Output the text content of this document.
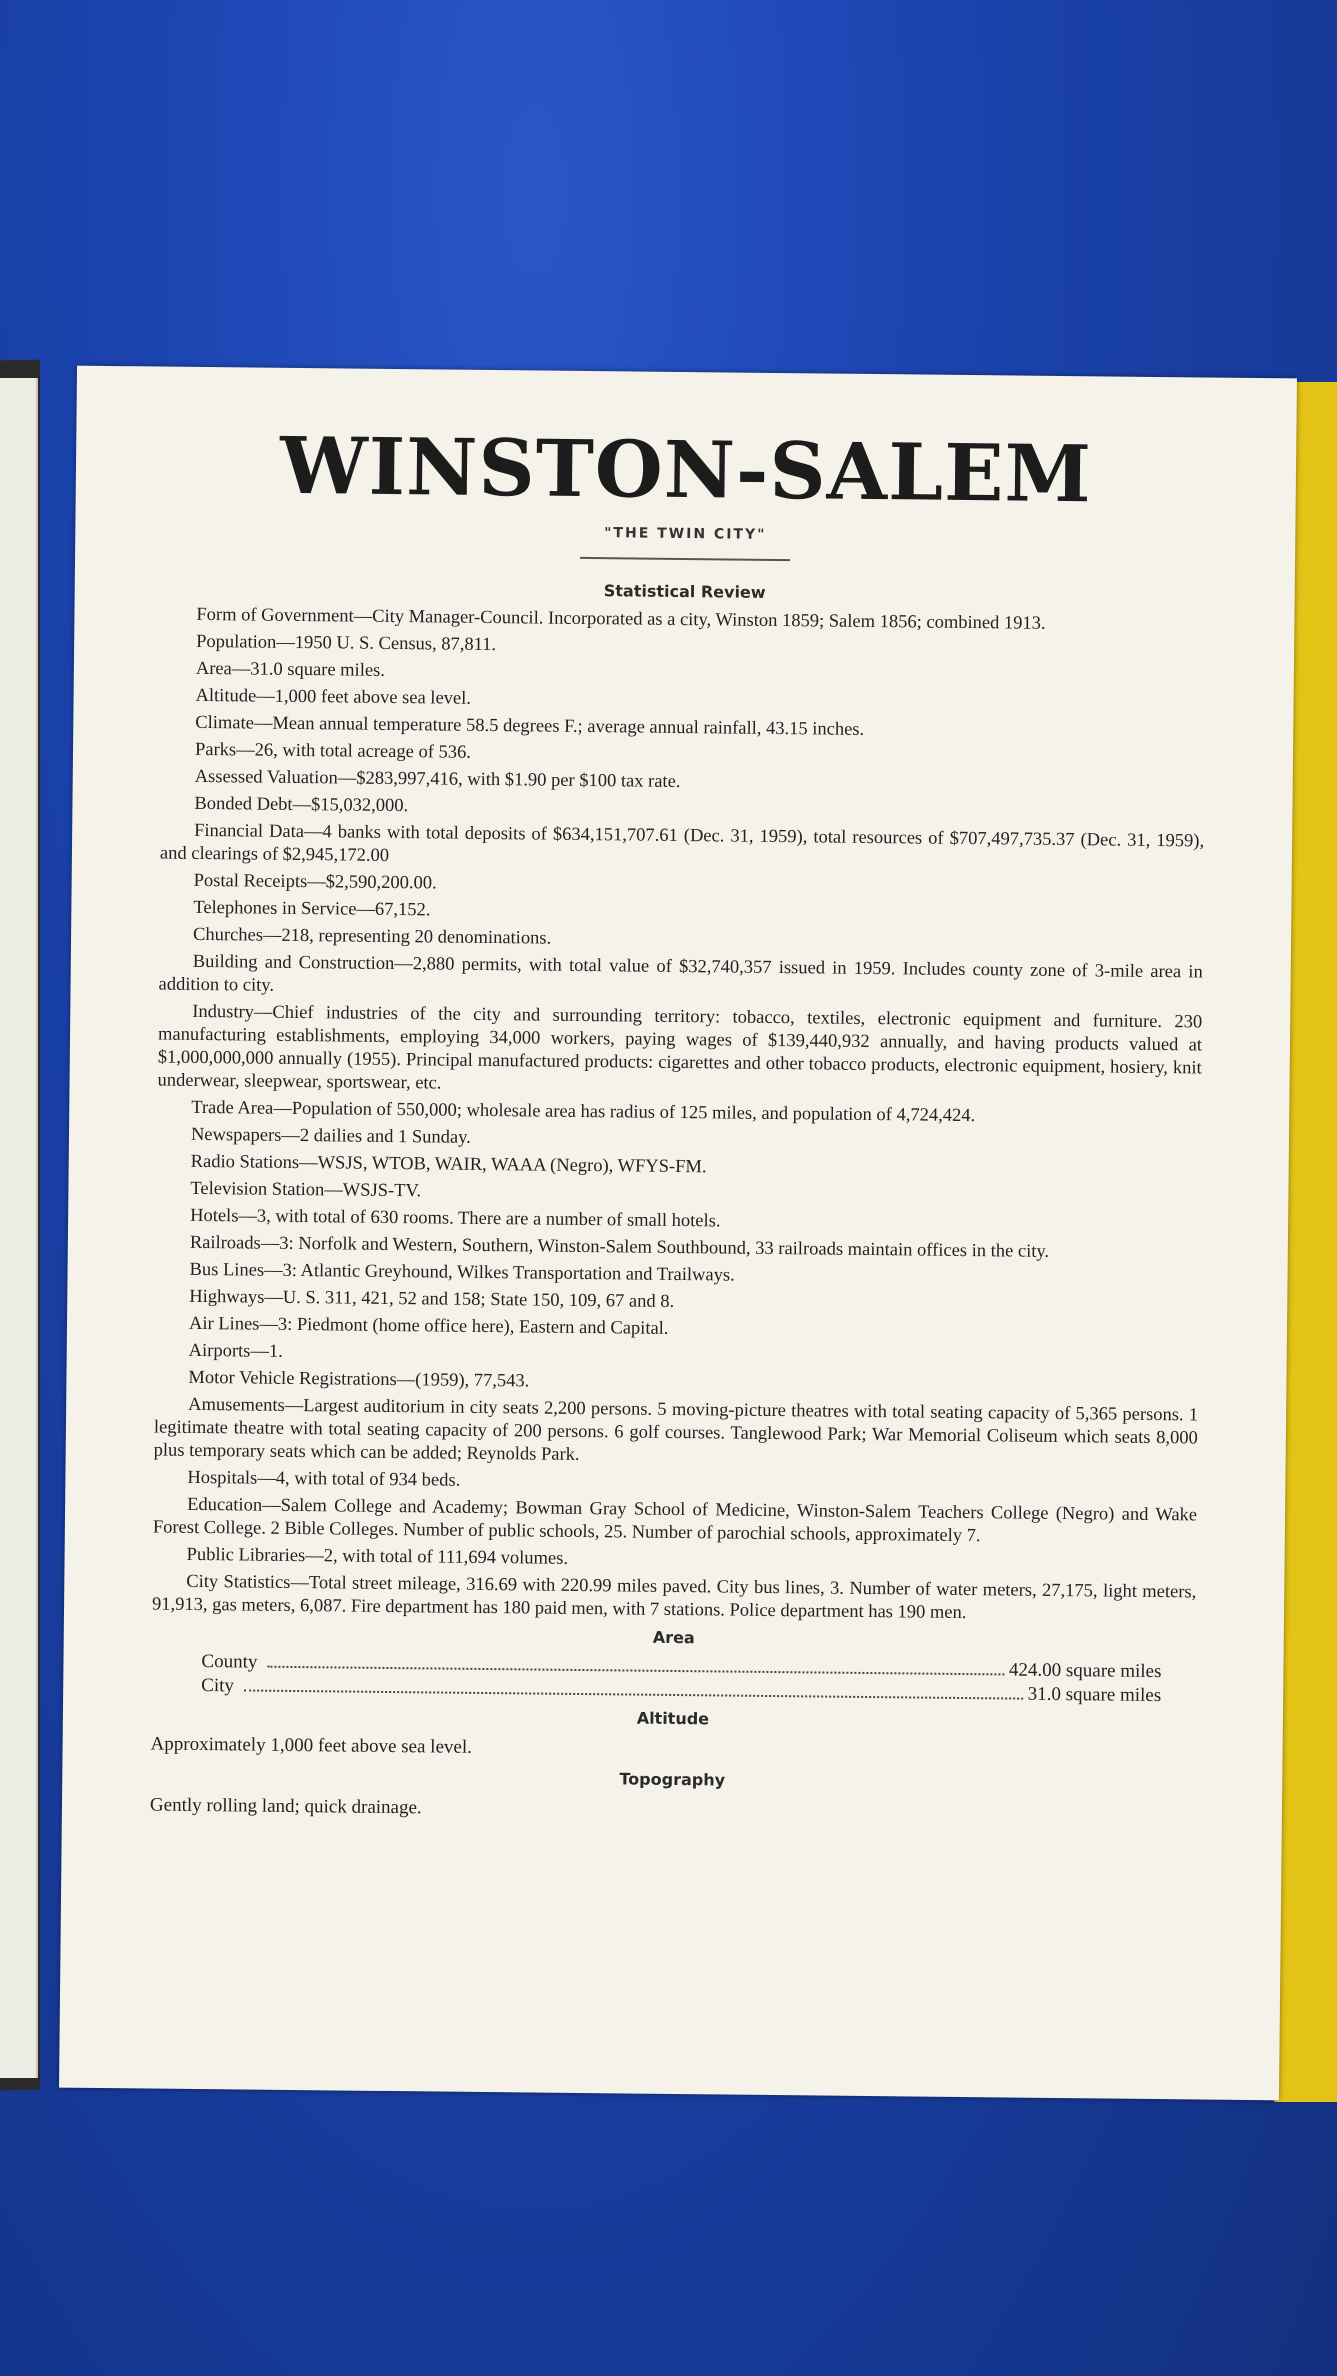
WINSTON-SALEM
"THE TWIN CITY"
Statistical Review

Form of Government—City Manager-Council. Incorporated as a city, Winston 1859; Salem 1856; combined 1913.

Population—1950 U. S. Census, 87,811.

Area—31.0 square miles.

Altitude—1,000 feet above sea level.

Climate—Mean annual temperature 58.5 degrees F.; average annual rainfall, 43.15 inches.

Parks—26, with total acreage of 536.

Assessed Valuation—$283,997,416, with $1.90 per $100 tax rate.

Bonded Debt—$15,032,000.

Financial Data—4 banks with total deposits of $634,151,707.61 (Dec. 31, 1959), total resources of $707,497,735.37 (Dec. 31, 1959), and clearings of $2,945,172.00

Postal Receipts—$2,590,200.00.

Telephones in Service—67,152.

Churches—218, representing 20 denominations.

Building and Construction—2,880 permits, with total value of $32,740,357 issued in 1959. Includes county zone of 3-mile area in addition to city.

Industry—Chief industries of the city and surrounding territory: tobacco, textiles, electronic equipment and furniture. 230 manufacturing establishments, employing 34,000 workers, paying wages of $139,440,932 annually, and having products valued at $1,000,000,000 annually (1955). Principal manufactured products: cigarettes and other tobacco products, electronic equipment, hosiery, knit underwear, sleepwear, sportswear, etc.

Trade Area—Population of 550,000; wholesale area has radius of 125 miles, and population of 4,724,424.

Newspapers—2 dailies and 1 Sunday.

Radio Stations—WSJS, WTOB, WAIR, WAAA (Negro), WFYS-FM.

Television Station—WSJS-TV.

Hotels—3, with total of 630 rooms. There are a number of small hotels.

Railroads—3: Norfolk and Western, Southern, Winston-Salem Southbound, 33 railroads maintain offices in the city.

Bus Lines—3: Atlantic Greyhound, Wilkes Transportation and Trailways.

Highways—U. S. 311, 421, 52 and 158; State 150, 109, 67 and 8.

Air Lines—3: Piedmont (home office here), Eastern and Capital.

Airports—1.

Motor Vehicle Registrations—(1959), 77,543.

Amusements—Largest auditorium in city seats 2,200 persons. 5 moving-picture theatres with total seating capacity of 5,365 persons. 1 legitimate theatre with total seating capacity of 200 persons. 6 golf courses. Tanglewood Park; War Memorial Coliseum which seats 8,000 plus temporary seats which can be added; Reynolds Park.

Hospitals—4, with total of 934 beds.

Education—Salem College and Academy; Bowman Gray School of Medicine, Winston-Salem Teachers College (Negro) and Wake Forest College. 2 Bible Colleges. Number of public schools, 25. Number of parochial schools, approximately 7.

Public Libraries—2, with total of 111,694 volumes.

City Statistics—Total street mileage, 316.69 with 220.99 miles paved. City bus lines, 3. Number of water meters, 27,175, light meters, 91,913, gas meters, 6,087. Fire department has 180 paid men, with 7 stations. Police department has 190 men.

Area
County	424.00 square miles
City	31.0 square miles
Altitude
Approximately 1,000 feet above sea level.
Topography
Gently rolling land; quick drainage.
